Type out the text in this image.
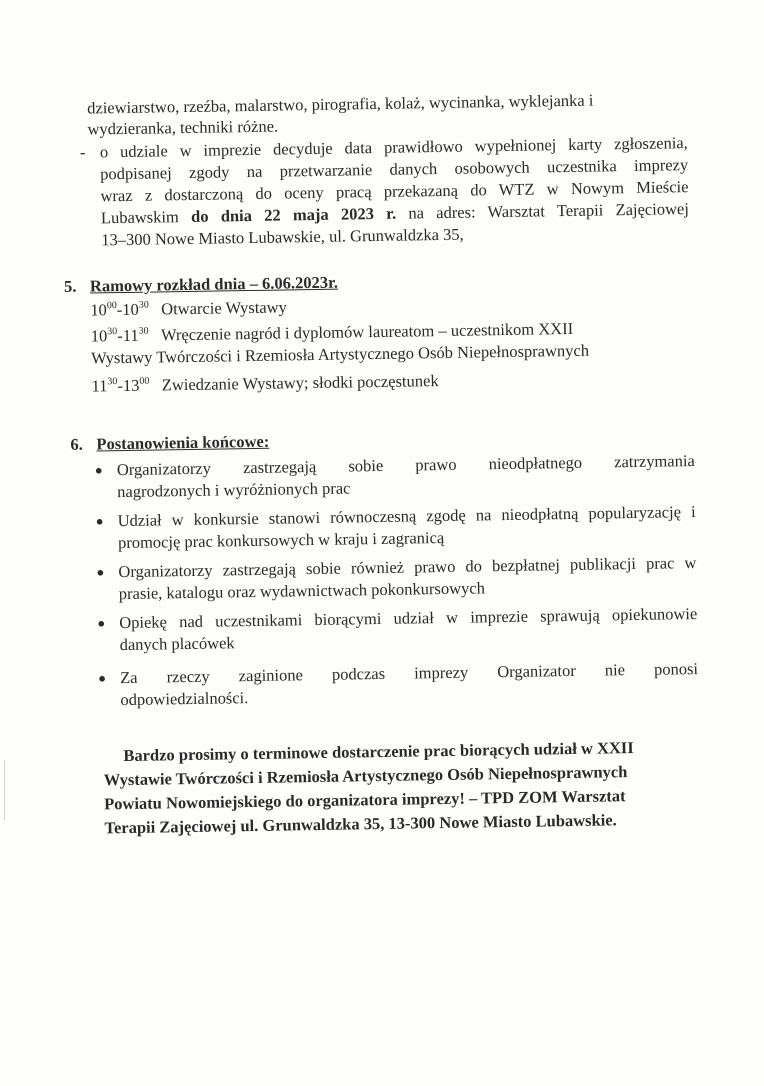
dziewiarstwo, rzeźba, malarstwo, pirografia, kolaż, wycinanka, wyklejanka i
wydzieranka, techniki różne.
- o udziale w imprezie decyduje data prawidłowo wypełnionej karty zgłoszenia,
podpisanej zgody na przetwarzanie danych osobowych uczestnika imprezy
wraz z dostarczoną do oceny pracą przekazaną do WTZ w Nowym Mieście
Lubawskim do dnia 22 maja 2023 r. na adres: Warsztat Terapii Zajęciowej
13–300 Nowe Miasto Lubawskie, ul. Grunwaldzka 35,
5. Ramowy rozkład dnia – 6.06.2023r.
$10^{00}-10^{30}$ Otwarcie Wystawy
$10^{30}-11^{30}$ Wręczenie nagród i dyplomów laureatom – uczestnikom XXII
Wystawy Twórczości i Rzemiosła Artystycznego Osób Niepełnosprawnych
$11^{30}-13^{00}$ Zwiedzanie Wystawy; słodki poczęstunek
6. Postanowienia końcowe:
● Organizatorzy zastrzegają sobie prawo nieodpłatnego zatrzymania
nagrodzonych i wyróżnionych prac
● Udział w konkursie stanowi równoczesną zgodę na nieodpłatną popularyzację i
promocję prac konkursowych w kraju i zagranicą
● Organizatorzy zastrzegają sobie również prawo do bezpłatnej publikacji prac w
prasie, katalogu oraz wydawnictwach pokonkursowych
● Opiekę nad uczestnikami biorącymi udział w imprezie sprawują opiekunowie
danych placówek
● Za rzeczy zaginione podczas imprezy Organizator nie ponosi
odpowiedzialności.
Bardzo prosimy o terminowe dostarczenie prac biorących udział w XXII
Wystawie Twórczości i Rzemiosła Artystycznego Osób Niepełnosprawnych
Powiatu Nowomiejskiego do organizatora imprezy! – TPD ZOM Warsztat
Terapii Zajęciowej ul. Grunwaldzka 35, 13-300 Nowe Miasto Lubawskie.
